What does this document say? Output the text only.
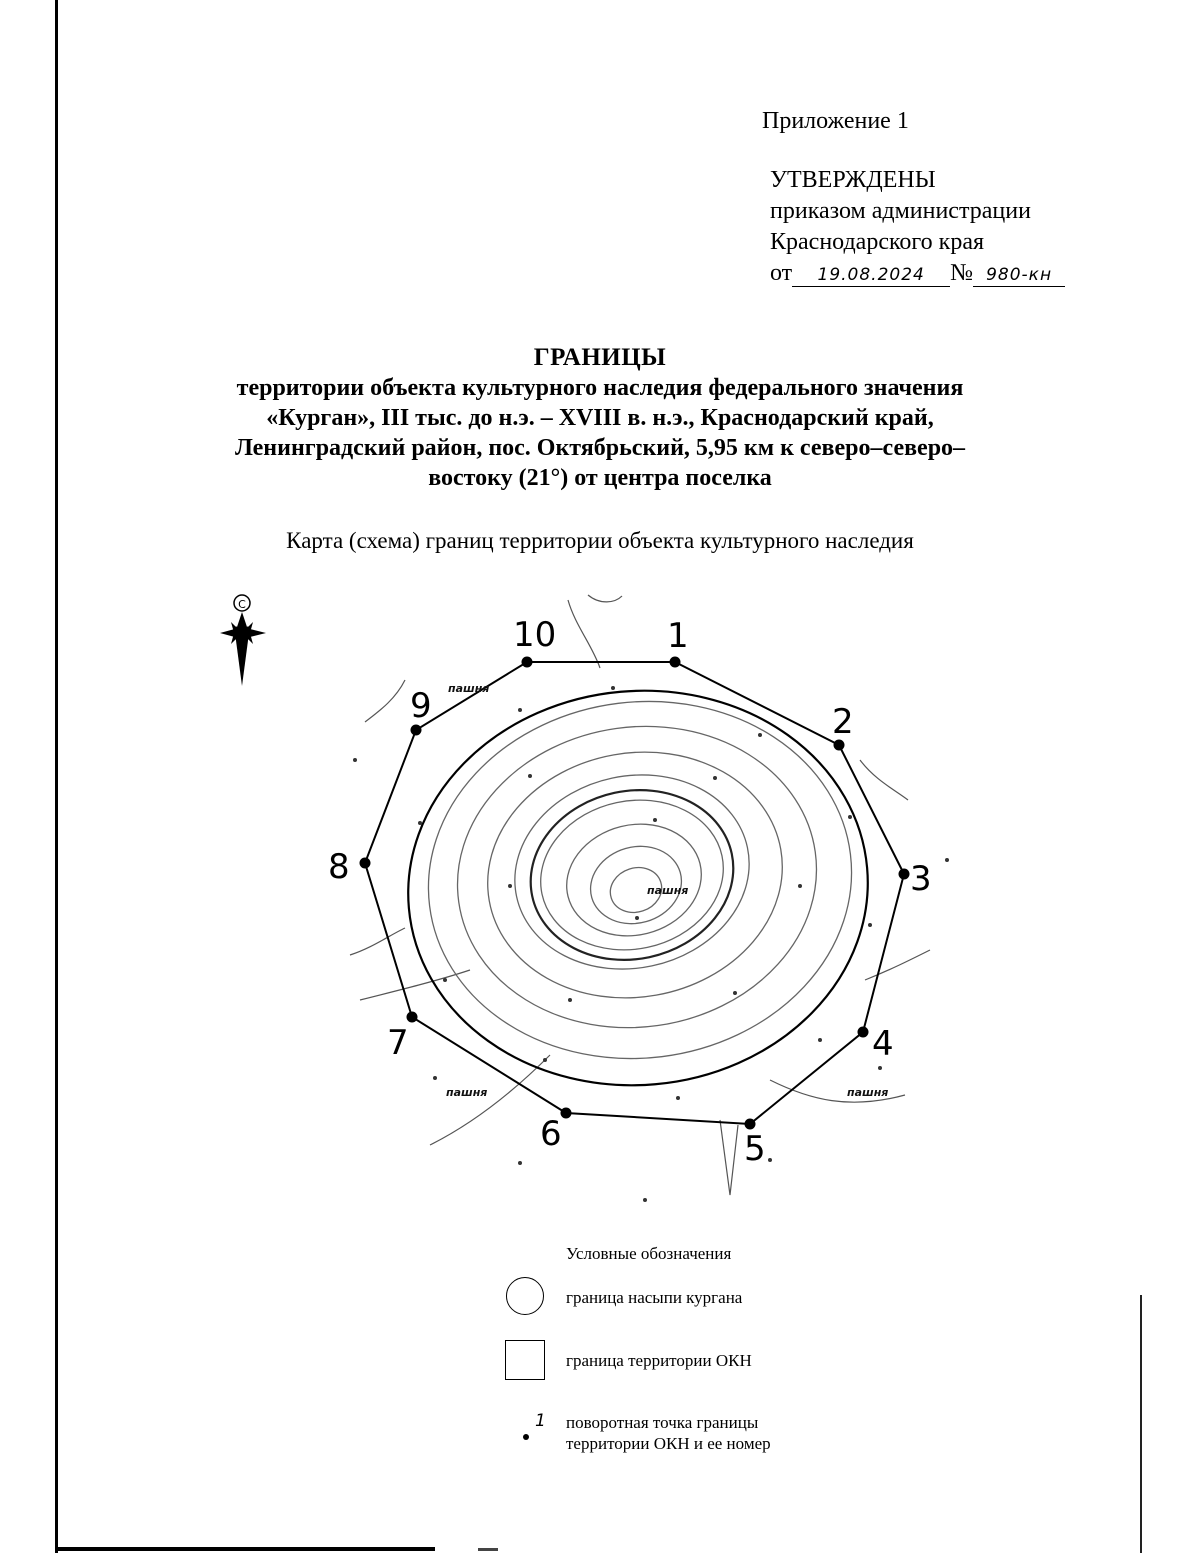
Приложение 1
УТВЕРЖДЕНЫ
приказом администрации
Краснодарского края
от 19.08.2024 № 980-кн
ГРАНИЦЫ
территории объекта культурного наследия федерального значения
«Курган», III тыс. до н.э. – XVIII в. н.э., Краснодарский край,
Ленинградский район, пос. Октябрьский, 5,95 км к северо–северо–
востоку (21°) от центра поселка
Карта (схема) границ территории объекта культурного наследия
С
1
2
3
4
5
6
7
8
9
10
пашня
пашня
пашня	пашня
Условные обозначения
граница насыпи кургана
граница территории ОКН
1 поворотная точка границы
территории ОКН и ее номер
